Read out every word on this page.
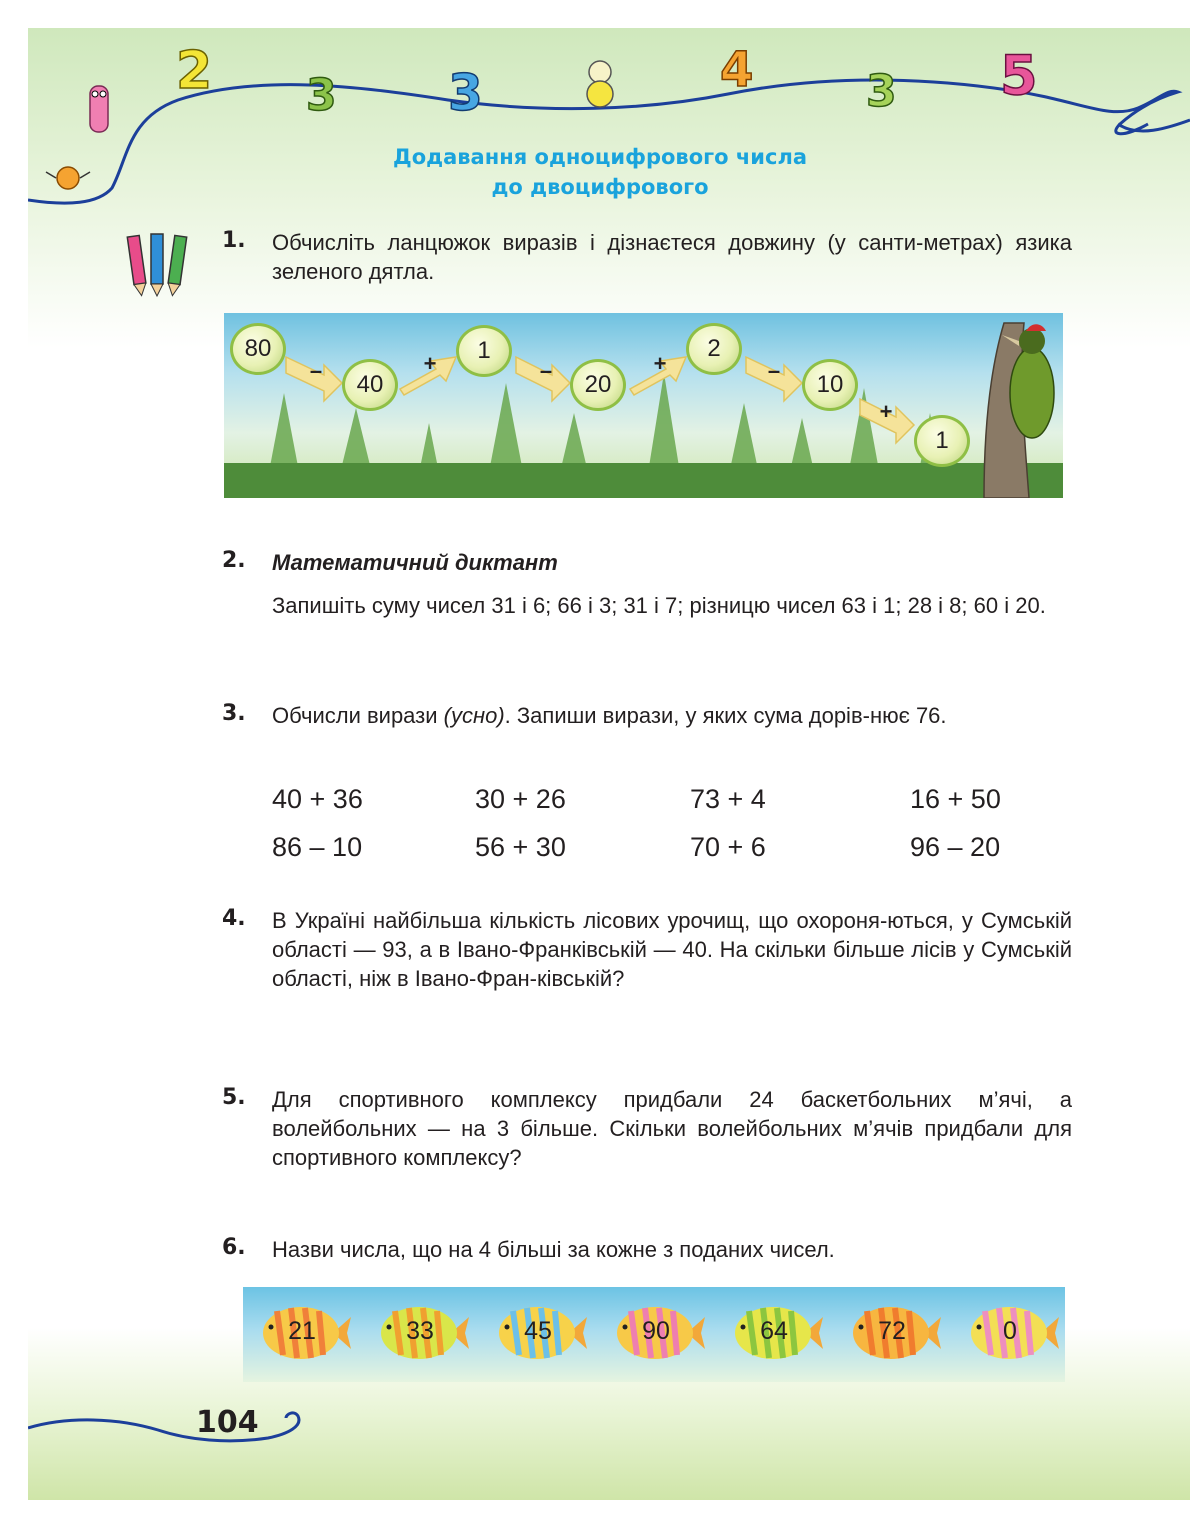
2 3 3	4	3 5
Додавання одноцифрового числа
до двоцифрового
1. Обчисліть ланцюжок виразів і дізнаєтеся довжину (у санти-метрах) язика зеленого дятла.
80
40
1
20
2
10
1
–	+	–	+	–
+
2. Математичний диктант
Запишіть суму чисел 31 і 6; 66 і 3; 31 і 7; різницю чисел 63 і 1; 28 і 8; 60 і 20.
3. Обчисли вирази (усно). Запиши вирази, у яких сума дорів-нює 76.
40 + 36	30 + 26	73 + 4	16 + 50
86 – 10	56 + 30	70 + 6	96 – 20
4. В Україні найбільша кількість лісових урочищ, що охороня-ються, у Сумській області — 93, а в Івано-Франківській — 40. На скільки більше лісів у Сумській області, ніж в Івано-Фран-ківській?
5. Для спортивного комплексу придбали 24 баскетбольних м’ячі, а волейбольних — на 3 більше. Скільки волейбольних м’ячів придбали для спортивного комплексу?
6. Назви числа, що на 4 більші за кожне з поданих чисел.
21	33	45	90	64	72	0
104
